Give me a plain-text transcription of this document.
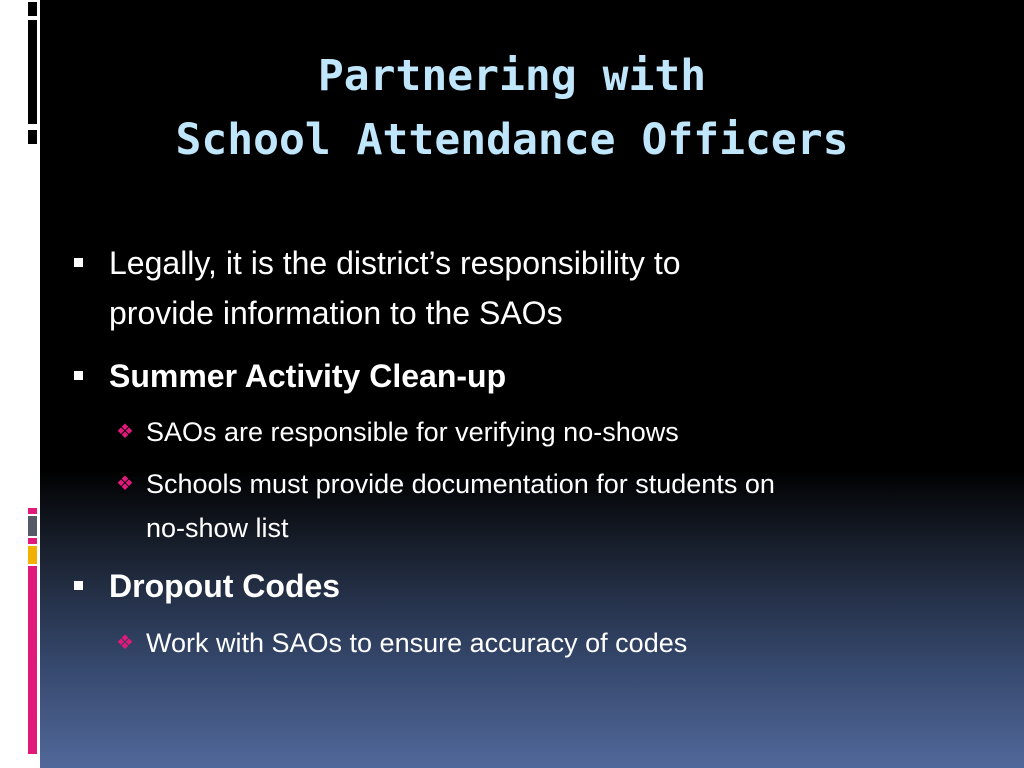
Partnering with
School Attendance Officers
Legally, it is the district’s responsibility to
provide information to the SAOs
Summer Activity Clean-up
❖ SAOs are responsible for verifying no-shows
❖ Schools must provide documentation for students on
no-show list
Dropout Codes
❖ Work with SAOs to ensure accuracy of codes
